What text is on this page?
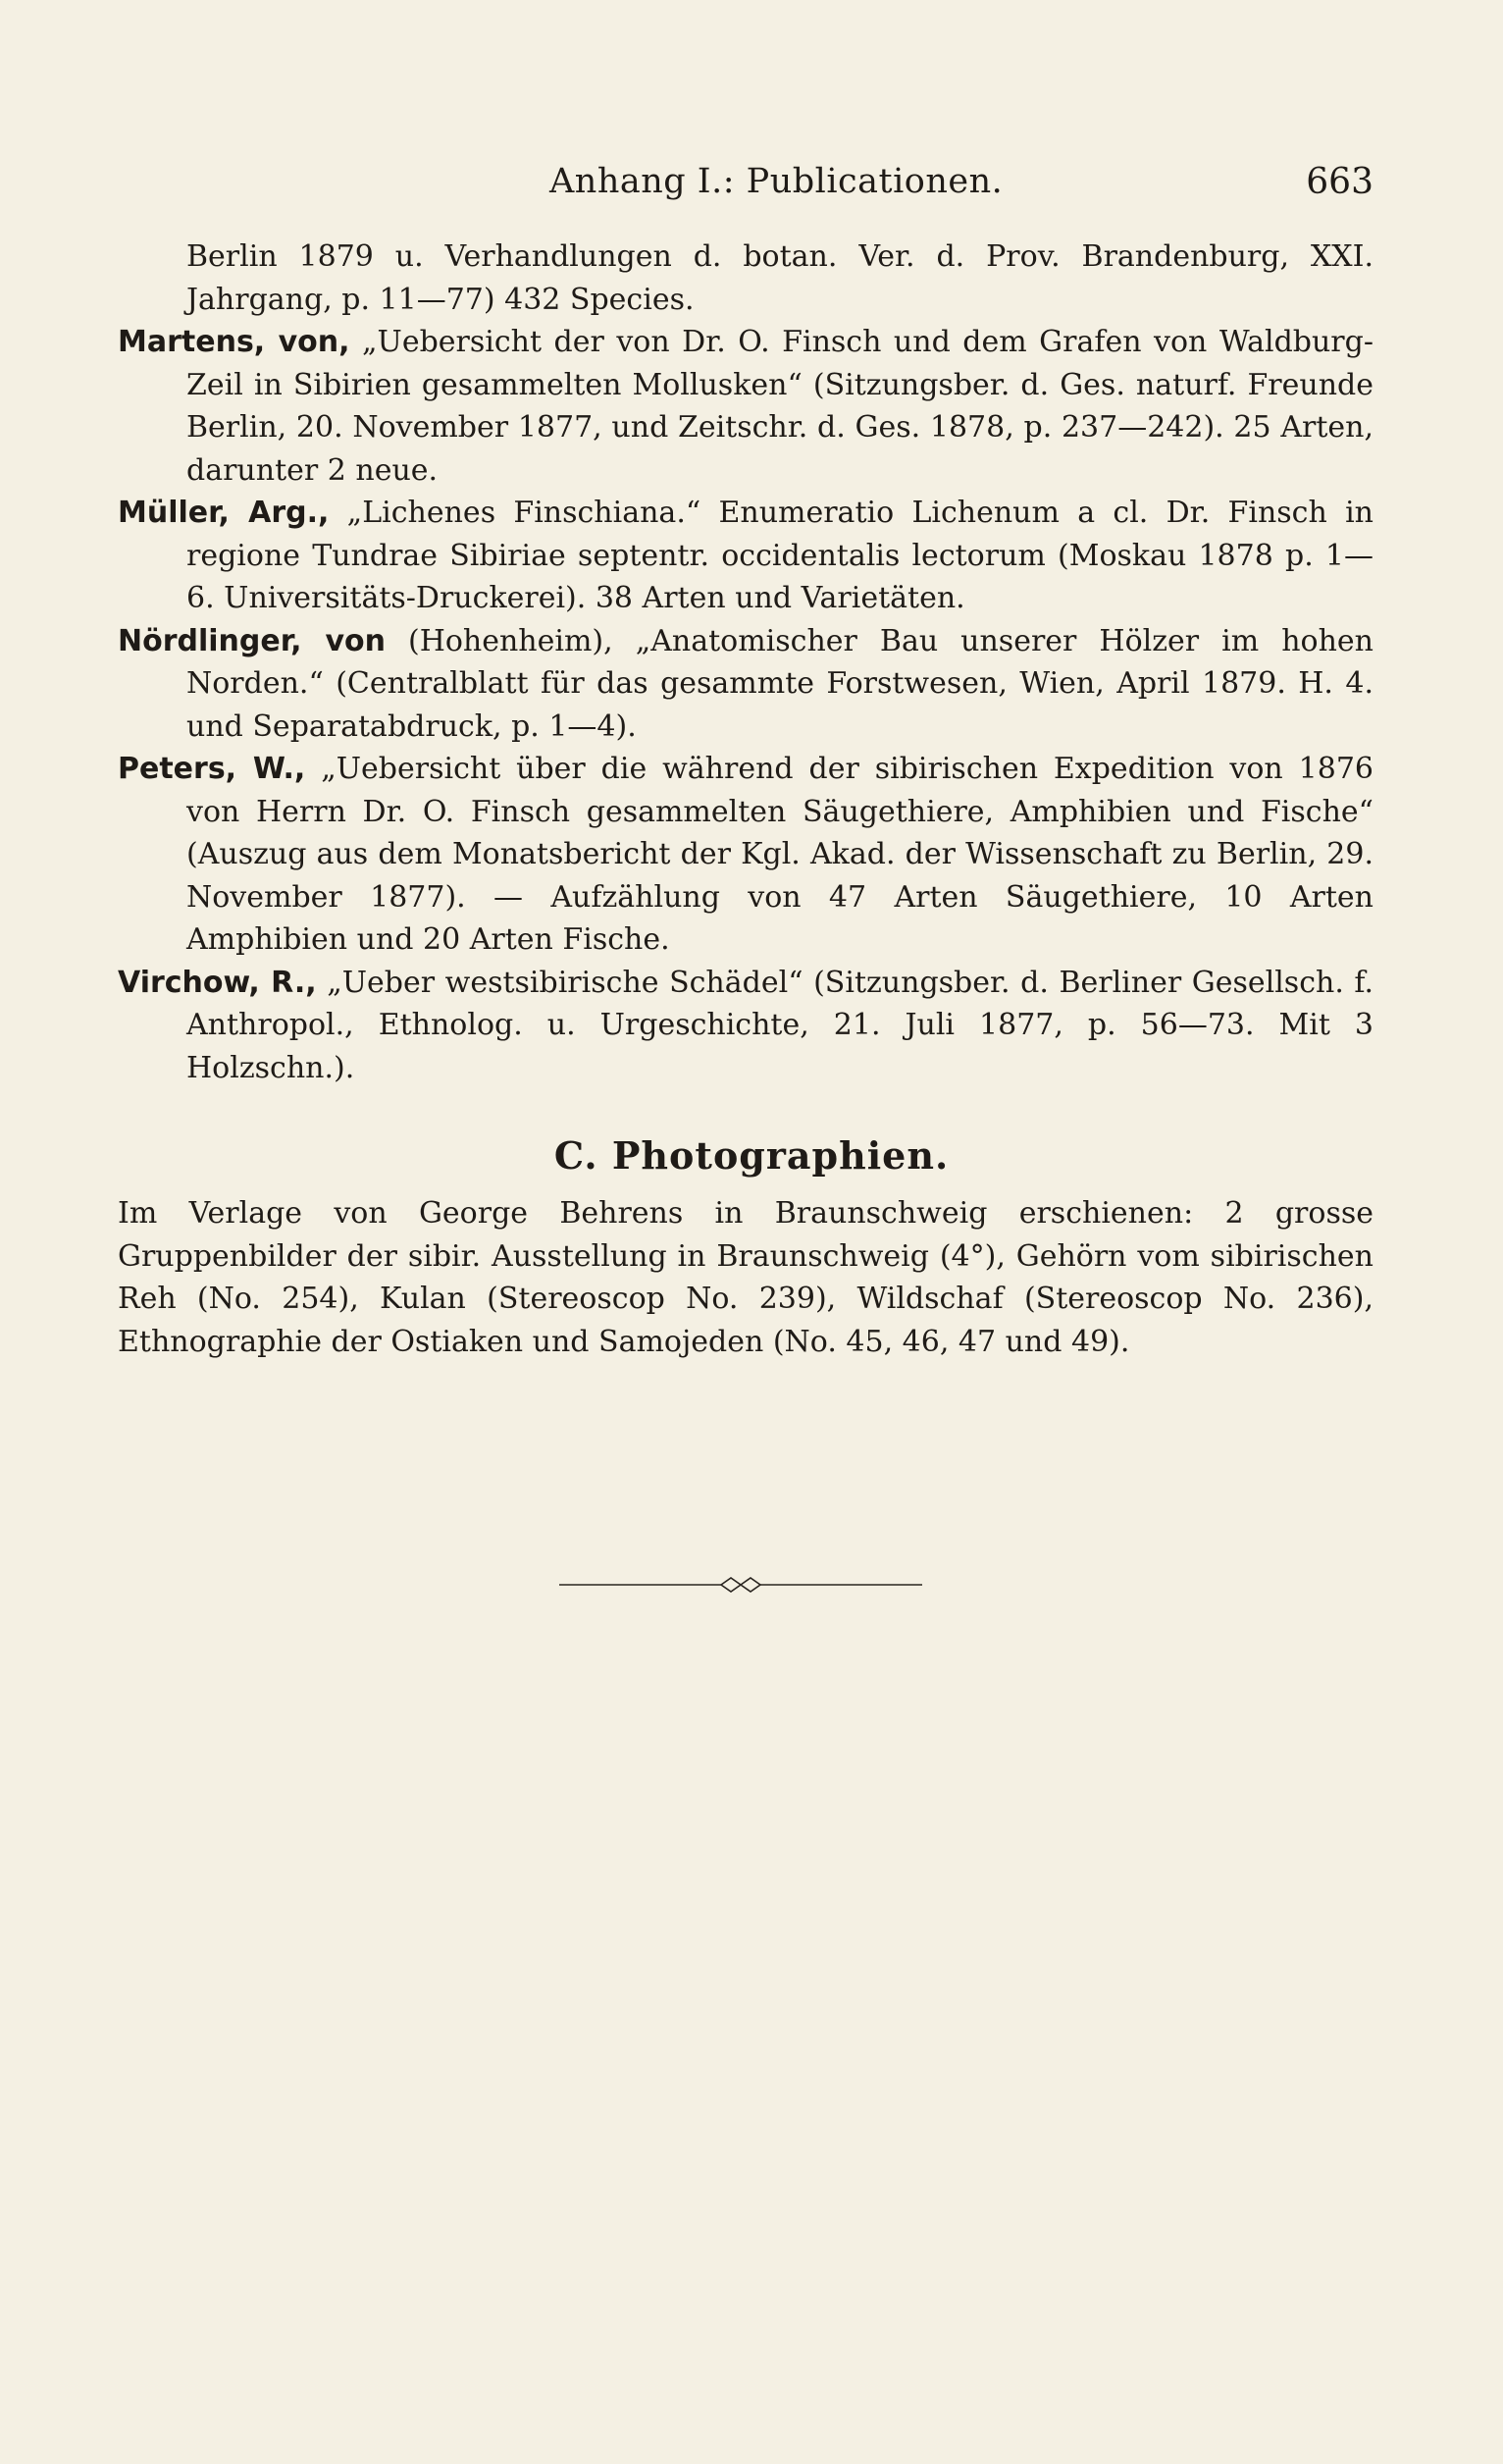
Anhang I.: Publicationen.	663

Berlin 1879 u. Verhandlungen d. botan. Ver. d. Prov. Brandenburg, XXI. Jahrgang, p. 11—77) 432 Species.

Martens, von, „Uebersicht der von Dr. O. Finsch und dem Grafen von Waldburg-Zeil in Sibirien gesammelten Mollusken“ (Sitzungsber. d. Ges. naturf. Freunde Berlin, 20. November 1877, und Zeitschr. d. Ges. 1878, p. 237—242). 25 Arten, darunter 2 neue.

Müller, Arg., „Lichenes Finschiana.“ Enumeratio Lichenum a cl. Dr. Finsch in regione Tundrae Sibiriae septentr. occidentalis lectorum (Moskau 1878 p. 1—6. Universitäts-Druckerei). 38 Arten und Varietäten.

Nördlinger, von (Hohenheim), „Anatomischer Bau unserer Hölzer im hohen Norden.“ (Centralblatt für das gesammte Forstwesen, Wien, April 1879. H. 4. und Separatabdruck, p. 1—4).

Peters, W., „Uebersicht über die während der sibirischen Expedition von 1876 von Herrn Dr. O. Finsch gesammelten Säugethiere, Amphibien und Fische“ (Auszug aus dem Monatsbericht der Kgl. Akad. der Wissenschaft zu Berlin, 29. November 1877). — Aufzählung von 47 Arten Säugethiere, 10 Arten Amphibien und 20 Arten Fische.

Virchow, R., „Ueber westsibirische Schädel“ (Sitzungsber. d. Berliner Gesellsch. f. Anthropol., Ethnolog. u. Urgeschichte, 21. Juli 1877, p. 56—73. Mit 3 Holzschn.).

C. Photographien.

Im Verlage von George Behrens in Braunschweig erschienen: 2 grosse Gruppenbilder der sibir. Ausstellung in Braunschweig (4°), Gehörn vom sibirischen Reh (No. 254), Kulan (Stereoscop No. 239), Wildschaf (Stereoscop No. 236), Ethnographie der Ostiaken und Samojeden (No. 45, 46, 47 und 49).
